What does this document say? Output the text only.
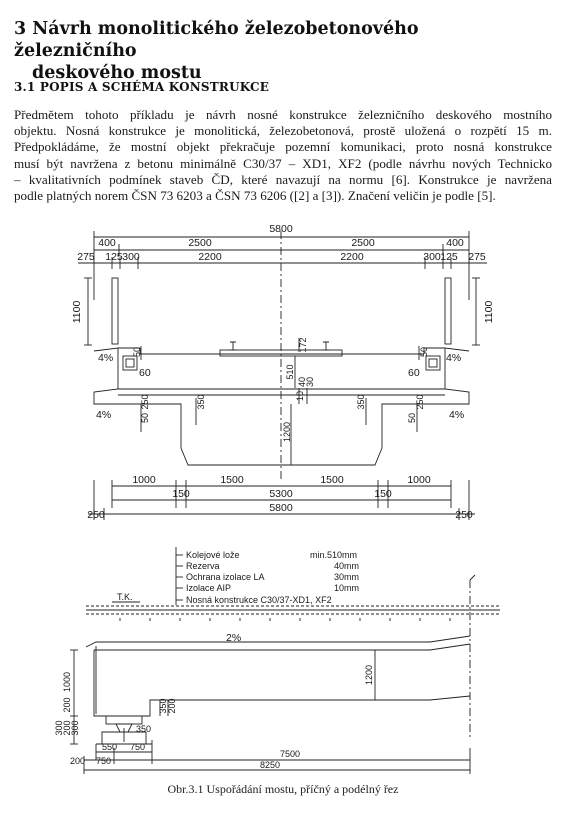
3 Návrh monolitického železobetonového železničního
deskového mostu
3.1 POPIS A SCHÉMA KONSTRUKCE

Předmětem tohoto příkladu je návrh nosné konstrukce železničního deskového mostního
objektu. Nosná konstrukce je monolitická, železobetonová, prostě uložená o rozpětí 15 m.
Předpokládáme, že mostní objekt překračuje pozemní komunikaci, proto nosná konstrukce
musí být navržena z betonu minimálně C30/37 – XD1, XF2 (podle návrhu nových Technicko
– kvalitativních podmínek staveb ČD, které navazují na normu [6]. Konstrukce je navržena
podle platných norem ČSN 73 6203 a ČSN 73 6206 ([2] a [3]). Značení veličin je podle [5].

5800
400	2500	2500	400
275 125 300	2200	2200	300 125 275
1100	1100
4%	4%
4%	4%
50	50
60	60
172
510
40
30
10
250
50
350
1200
350	250
50
1000	1500	1500	1000
150	150
5300
250
5800
250
Kolejové lože	min.510mm
Rezerva	40mm
Ochrana izolace LA	30mm
Izolace AIP	10mm
Nosná konstrukce C30/37-XD1, XF2
T.K.
2%
1200
1000
200
300
200
300
350 200
350
550 750
200 750
7500
8250

Obr.3.1 Uspořádání mostu, příčný a podélný řez
